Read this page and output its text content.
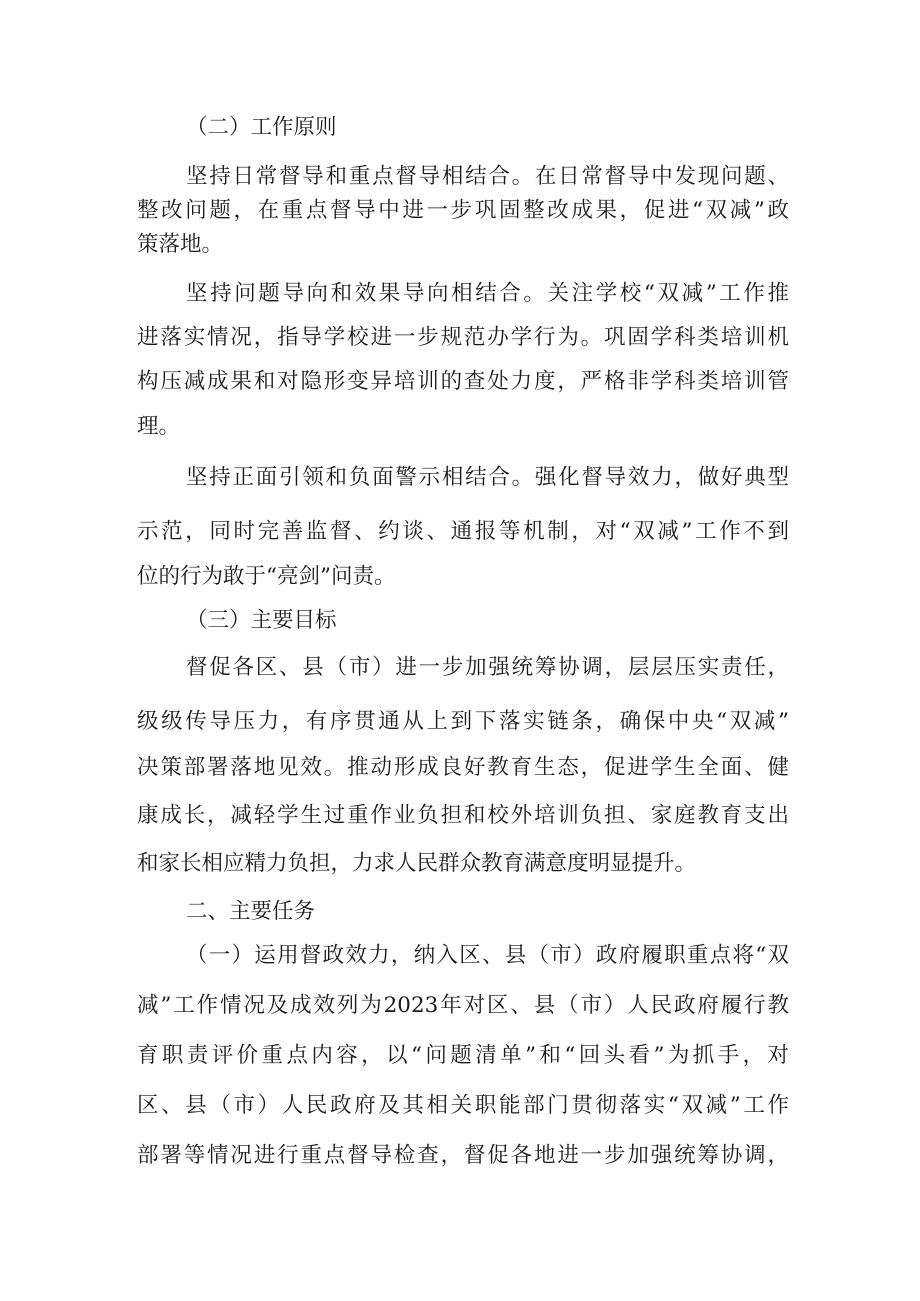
（二）工作原则
坚持日常督导和重点督导相结合。在日常督导中发现问题、
整改问题，在重点督导中进一步巩固整改成果，促进“双减”政
策落地。
坚持问题导向和效果导向相结合。关注学校“双减”工作推
进落实情况，指导学校进一步规范办学行为。巩固学科类培训机
构压减成果和对隐形变异培训的查处力度，严格非学科类培训管
理。
坚持正面引领和负面警示相结合。强化督导效力，做好典型
示范，同时完善监督、约谈、通报等机制，对“双减”工作不到
位的行为敢于“亮剑”问责。
（三）主要目标
督促各区、县（市）进一步加强统筹协调，层层压实责任，
级级传导压力，有序贯通从上到下落实链条，确保中央“双减”
决策部署落地见效。推动形成良好教育生态，促进学生全面、健
康成长，减轻学生过重作业负担和校外培训负担、家庭教育支出
和家长相应精力负担，力求人民群众教育满意度明显提升。
二、主要任务
（一）运用督政效力，纳入区、县（市）政府履职重点将“双
减”工作情况及成效列为2023年对区、县（市）人民政府履行教
育职责评价重点内容，以“问题清单”和“回头看”为抓手，对
区、县（市）人民政府及其相关职能部门贯彻落实“双减”工作
部署等情况进行重点督导检查，督促各地进一步加强统筹协调，
